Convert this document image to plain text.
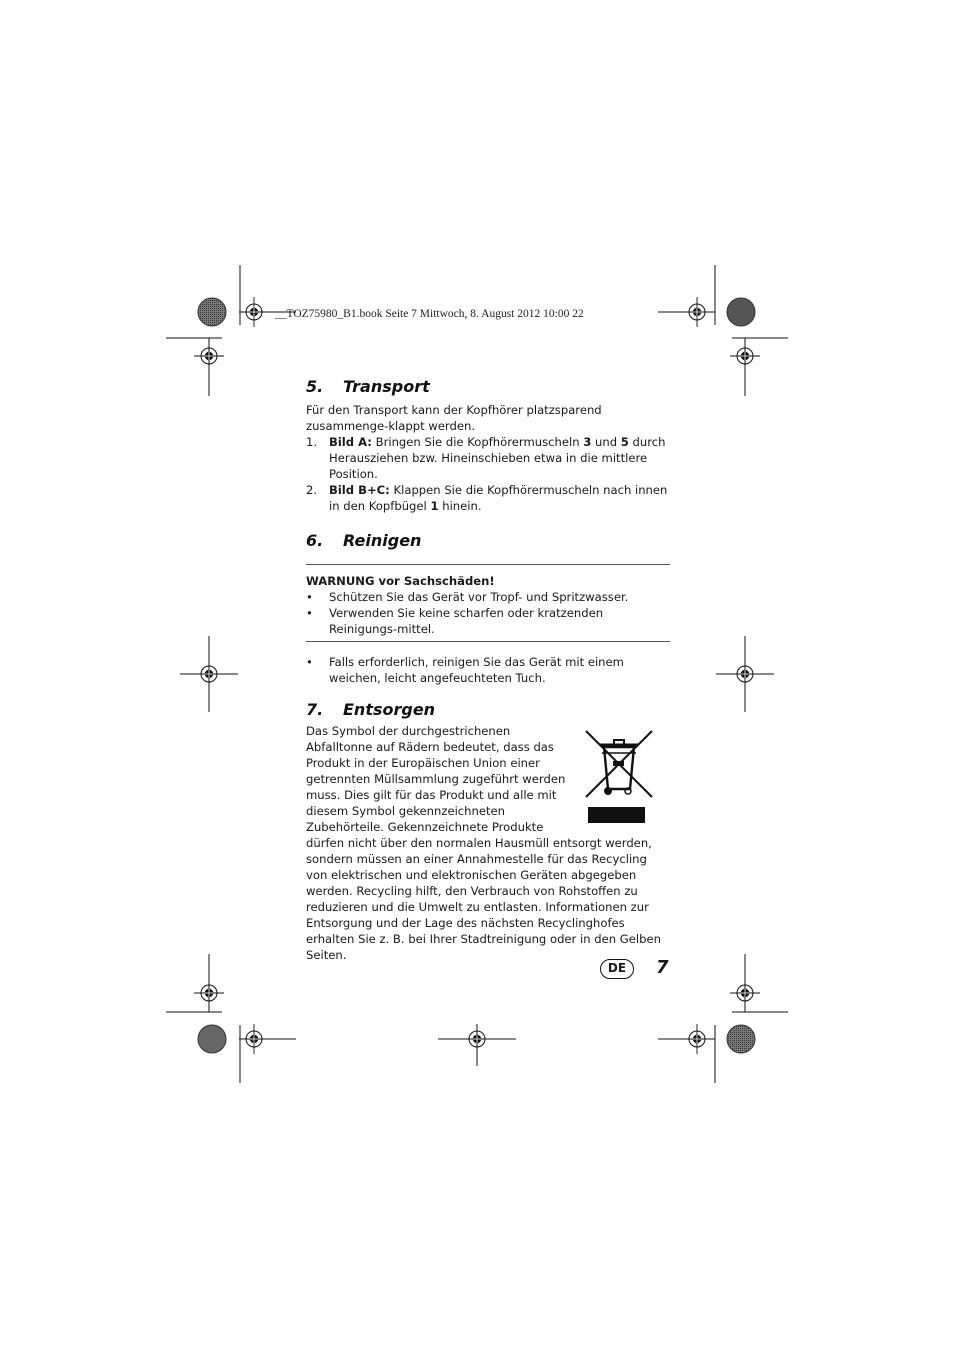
__TOZ75980_B1.book Seite 7 Mittwoch, 8. August 2012 10:00 22
5. Transport

Für den Transport kann der Kopfhörer platzsparend zusammenge-klappt werden.

1. Bild A: Bringen Sie die Kopfhörermuscheln 3 und 5 durch Herausziehen bzw. Hineinschieben etwa in die mittlere Position.
2. Bild B+C: Klappen Sie die Kopfhörermuscheln nach innen in den Kopfbügel 1 hinein.
6. Reinigen
WARNUNG vor Sachschäden!
• Schützen Sie das Gerät vor Tropf- und Spritzwasser.
• Verwenden Sie keine scharfen oder kratzenden Reinigungs-mittel.
• Falls erforderlich, reinigen Sie das Gerät mit einem weichen, leicht angefeuchteten Tuch.
7. Entsorgen

Das Symbol der durchgestrichenen Abfalltonne auf Rädern bedeutet, dass das Produkt in der Europäischen Union einer getrennten Müllsammlung zugeführt werden muss. Dies gilt für das Produkt und alle mit diesem Symbol gekennzeichneten Zubehörteile. Gekennzeichnete Produkte dürfen nicht über den normalen Hausmüll entsorgt werden, sondern müssen an einer Annahmestelle für das Recycling von elektrischen und elektronischen Geräten abgegeben werden. Recycling hilft, den Verbrauch von Rohstoffen zu reduzieren und die Umwelt zu entlasten. Informationen zur Entsorgung und der Lage des nächsten Recyclinghofes erhalten Sie z. B. bei Ihrer Stadtreinigung oder in den Gelben Seiten.

DE	7
